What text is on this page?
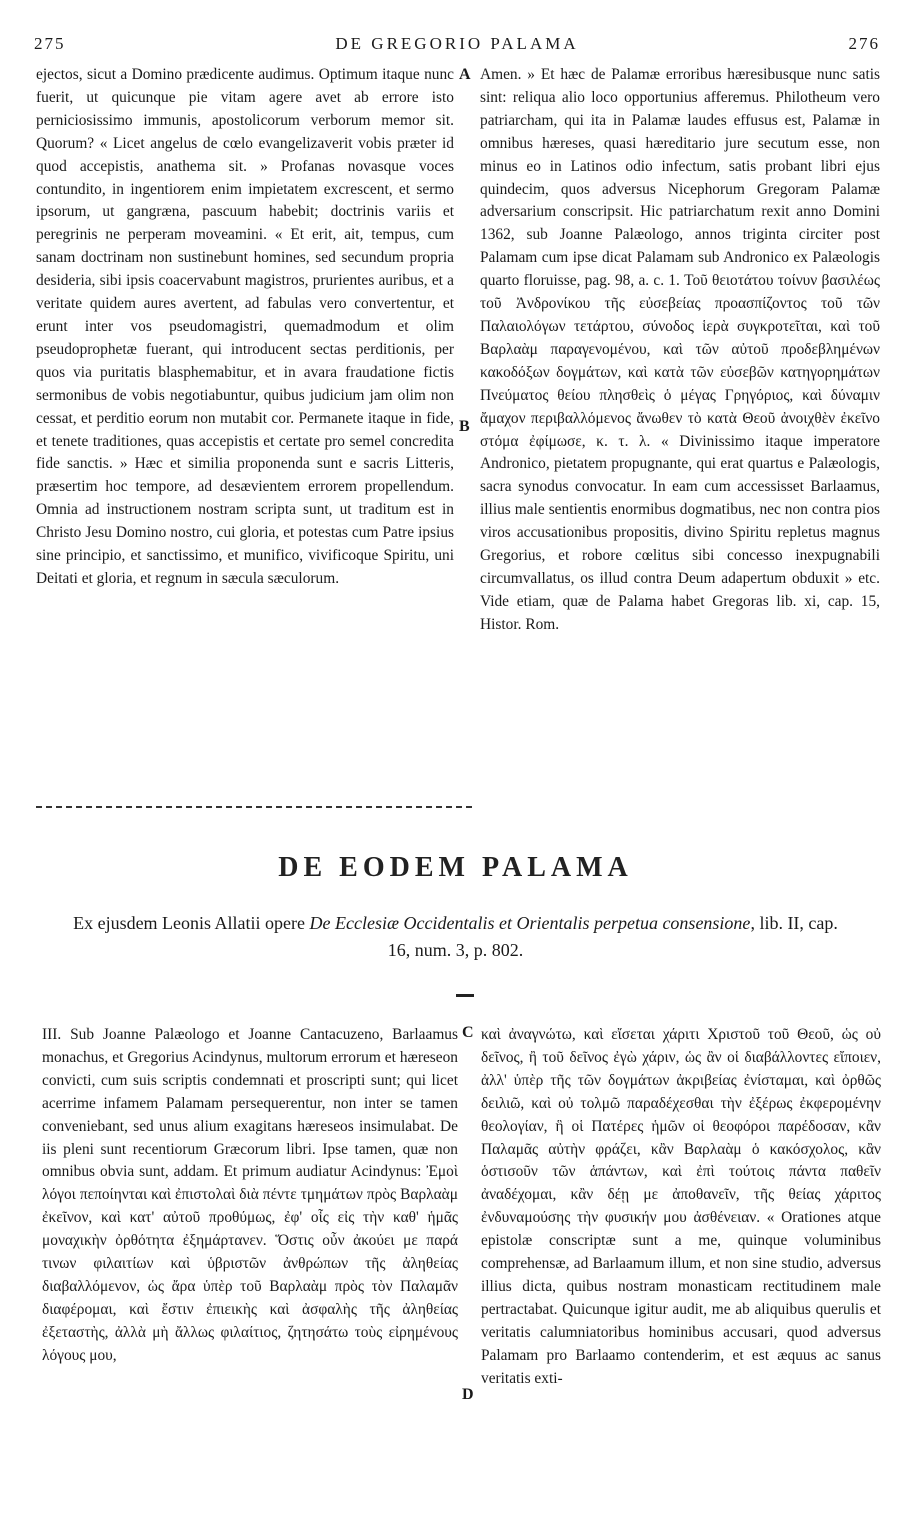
275	DE GREGORIO PALAMA	276

ejectos, sicut a Domino prædicente audimus. Optimum itaque nunc fuerit, ut quicunque pie vitam agere avet ab errore isto perniciosissimo immunis, apostolicorum verborum memor sit. Quorum? « Licet angelus de cœlo evangelizaverit vobis præter id quod accepistis, anathema sit. » Profanas novasque voces contundito, in ingentiorem enim impietatem excrescent, et sermo ipsorum, ut gangræna, pascuum habebit; doctrinis variis et peregrinis ne perperam moveamini. « Et erit, ait, tempus, cum sanam doctrinam non sustinebunt homines, sed secundum propria desideria, sibi ipsis coacervabunt magistros, prurientes auribus, et a veritate quidem aures avertent, ad fabulas vero convertentur, et erunt inter vos pseudomagistri, quemadmodum et olim pseudoprophetæ fuerant, qui introducent sectas perditionis, per quos via puritatis blasphemabitur, et in avara fraudatione fictis sermonibus de vobis negotiabuntur, quibus judicium jam olim non cessat, et perditio eorum non mutabit cor. Permanete itaque in fide, et tenete traditiones, quas accepistis et certate pro semel concredita fide sanctis. » Hæc et similia proponenda sunt e sacris Litteris, præsertim hoc tempore, ad desævientem errorem propellendum. Omnia ad instructionem nostram scripta sunt, ut traditum est in Christo Jesu Domino nostro, cui gloria, et potestas cum Patre ipsius sine principio, et sanctissimo, et munifico, vivificoque Spiritu, uni Deitati et gloria, et regnum in sæcula sæculorum.

A
B

Amen. » Et hæc de Palamæ erroribus hæresibusque nunc satis sint: reliqua alio loco opportunius afferemus. Philotheum vero patriarcham, qui ita in Palamæ laudes effusus est, Palamæ in omnibus hæreses, quasi hæreditario jure secutum esse, non minus eo in Latinos odio infectum, satis probant libri ejus quindecim, quos adversus Nicephorum Gregoram Palamæ adversarium conscripsit. Hic patriarchatum rexit anno Domini 1362, sub Joanne Palæologo, annos triginta circiter post Palamam cum ipse dicat Palamam sub Andronico ex Palæologis quarto floruisse, pag. 98, a. c. 1. Τοῦ θειοτάτου τοίνυν βασιλέως τοῦ Ἀνδρονίκου τῆς εὐσεβείας προασπίζοντος τοῦ τῶν Παλαιολόγων τετάρτου, σύνοδος ἱερὰ συγκροτεῖται, καὶ τοῦ Βαρλαὰμ παραγενομένου, καὶ τῶν αὐτοῦ προδεβλημένων κακοδόξων δογμάτων, καὶ κατὰ τῶν εὐσεβῶν κατηγορημάτων Πνεύματος θείου πλησθεὶς ὁ μέγας Γρηγόριος, καὶ δύναμιν ἄμαχον περιβαλλόμενος ἄνωθεν τὸ κατὰ Θεοῦ ἀνοιχθὲν ἐκεῖνο στόμα ἐφίμωσε, κ. τ. λ. « Divinissimo itaque imperatore Andronico, pietatem propugnante, qui erat quartus e Palæologis, sacra synodus convocatur. In eam cum accessisset Barlaamus, illius male sentientis enormibus dogmatibus, nec non contra pios viros accusationibus propositis, divino Spiritu repletus magnus Gregorius, et robore cœlitus sibi concesso inexpugnabili circumvallatus, os illud contra Deum adapertum obduxit » etc. Vide etiam, quæ de Palama habet Gregoras lib. xi, cap. 15, Histor. Rom.

DE EODEM PALAMA
Ex ejusdem Leonis Allatii opere De Ecclesiæ Occidentalis et Orientalis perpetua consensione, lib. II, cap. 16, num. 3, p. 802.

III. Sub Joanne Palæologo et Joanne Cantacuzeno, Barlaamus monachus, et Gregorius Acindynus, multorum errorum et hæreseon convicti, cum suis scriptis condemnati et proscripti sunt; qui licet acerrime infamem Palamam persequerentur, non inter se tamen conveniebant, sed unus alium exagitans hæreseos insimulabat. De iis pleni sunt recentiorum Græcorum libri. Ipse tamen, quæ non omnibus obvia sunt, addam. Et primum audiatur Acindynus: Ἐμοὶ λόγοι πεποίηνται καὶ ἐπιστολαὶ διὰ πέντε τμημάτων πρὸς Βαρλαὰμ ἐκεῖνον, καὶ κατ' αὐτοῦ προθύμως, ἐφ' οἷς εἰς τὴν καθ' ἡμᾶς μοναχικὴν ὀρθότητα ἐξημάρτανεν. Ὅστις οὖν ἀκούει με παρά τινων φιλαιτίων καὶ ὑβριστῶν ἀνθρώπων τῆς ἀληθείας διαβαλλόμενον, ὡς ἄρα ὑπὲρ τοῦ Βαρλαὰμ πρὸς τὸν Παλαμᾶν διαφέρομαι, καὶ ἔστιν ἐπιεικὴς καὶ ἀσφαλὴς τῆς ἀληθείας ἐξεταστὴς, ἀλλὰ μὴ ἄλλως φιλαίτιος, ζητησάτω τοὺς εἰρημένους λόγους μου,

C
D

καὶ ἀναγνώτω, καὶ εἴσεται χάριτι Χριστοῦ τοῦ Θεοῦ, ὡς οὐ δεῖνος, ἢ τοῦ δεῖνος ἐγὼ χάριν, ὡς ἂν οἱ διαβάλλοντες εἴποιεν, ἀλλ' ὑπὲρ τῆς τῶν δογμάτων ἀκριβείας ἐνίσταμαι, καὶ ὀρθῶς δειλιῶ, καὶ οὐ τολμῶ παραδέχεσθαι τὴν ἐξέρως ἐκφερομένην θεολογίαν, ἣ οἱ Πατέρες ἡμῶν οἱ θεοφόροι παρέδοσαν, κἂν Παλαμᾶς αὐτὴν φράζει, κἂν Βαρλαὰμ ὁ κακόσχολος, κἂν ὁστισοῦν τῶν ἁπάντων, καὶ ἐπὶ τούτοις πάντα παθεῖν ἀναδέχομαι, κἂν δέῃ με ἀποθανεῖν, τῆς θείας χάριτος ἐνδυναμούσης τὴν φυσικήν μου ἀσθένειαν. « Orationes atque epistolæ conscriptæ sunt a me, quinque voluminibus comprehensæ, ad Barlaamum illum, et non sine studio, adversus illius dicta, quibus nostram monasticam rectitudinem male pertractabat. Quicunque igitur audit, me ab aliquibus querulis et veritatis calumniatoribus hominibus accusari, quod adversus Palamam pro Barlaamo contenderim, et est æquus ac sanus veritatis exti-
